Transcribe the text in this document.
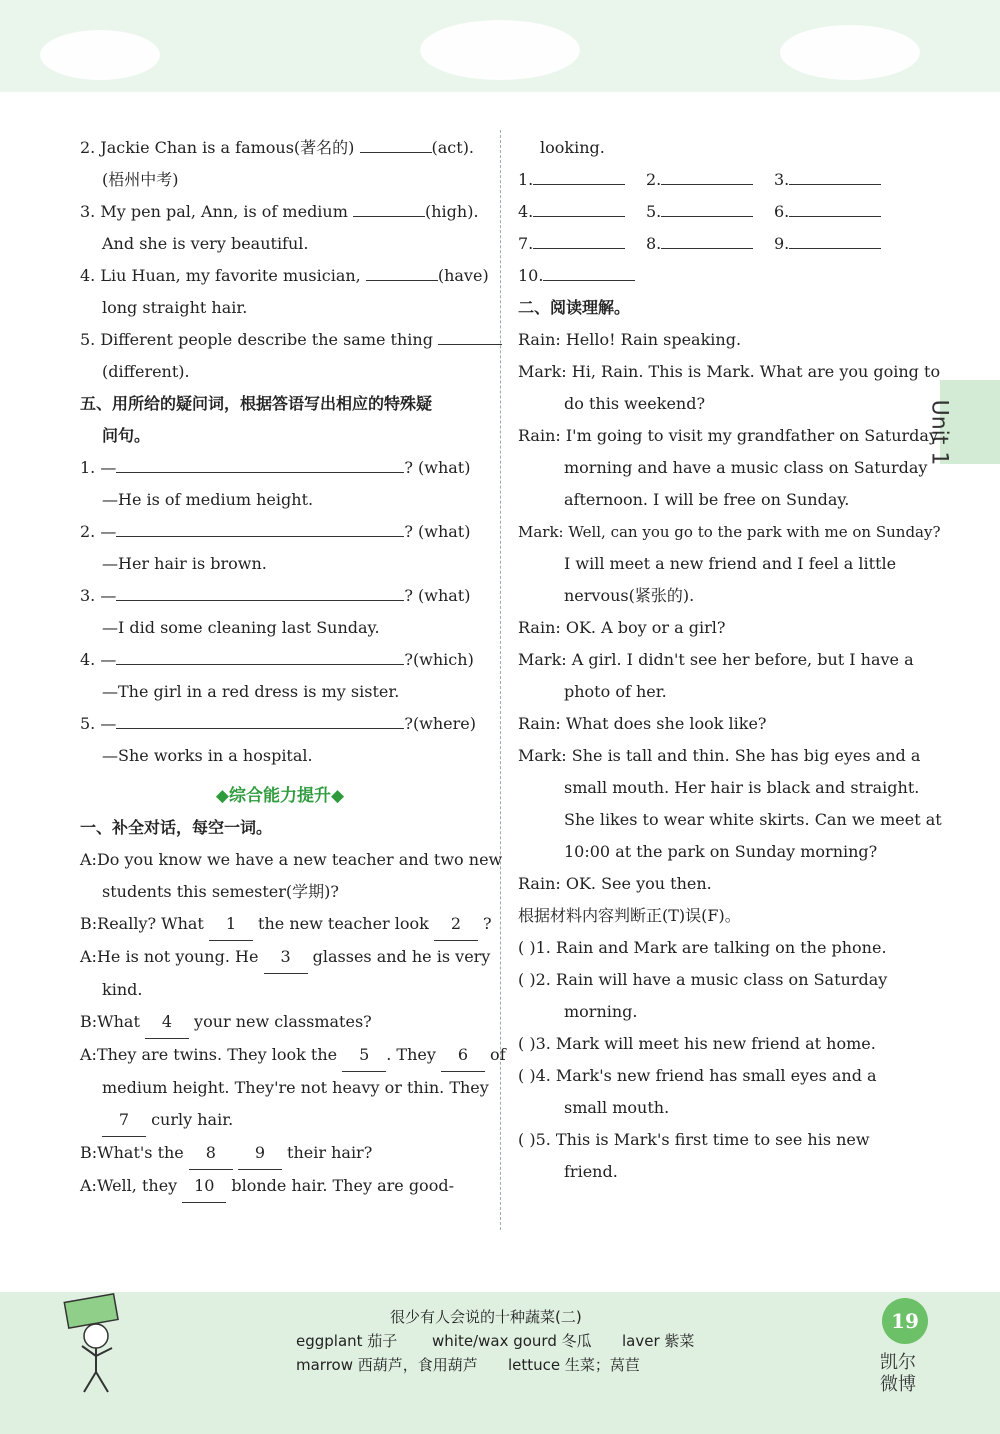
Unit 1
2. Jackie Chan is a famous(著名的)	(act).
(梧州中考)
3. My pen pal, Ann, is of medium	(high).
And she is very beautiful.
4. Liu Huan, my favorite musician,	(have)
long straight hair.
5. Different people describe the same thing
(different).
五、用所给的疑问词，根据答语写出相应的特殊疑
问句。
1. —	? (what)
—He is of medium height.
2. —	? (what)
—Her hair is brown.
3. —	? (what)
—I did some cleaning last Sunday.
4. —	?(which)
—The girl in a red dress is my sister.
5. —	?(where)
—She works in a hospital.
◆综合能力提升◆
一、补全对话，每空一词。
A:Do you know we have a new teacher and two new
students this semester(学期)?
B:Really? What 1 the new teacher look 2 ?
A:He is not young. He 3 glasses and he is very
kind.
B:What 4 your new classmates?
A:They are twins. They look the 5 . They 6 of
medium height. They're not heavy or thin. They
7 curly hair.
B:What's the 8 9 their hair?
A:Well, they 10 blonde hair. They are good-
looking.
1.	2.	3.
4.	5.	6.
7.	8.	9.
10.
二、阅读理解。
Rain: Hello! Rain speaking.
Mark: Hi, Rain. This is Mark. What are you going to
do this weekend?
Rain: I'm going to visit my grandfather on Saturday
morning and have a music class on Saturday
afternoon. I will be free on Sunday.
Mark: Well, can you go to the park with me on Sunday?
I will meet a new friend and I feel a little
nervous(紧张的).
Rain: OK. A boy or a girl?
Mark: A girl. I didn't see her before, but I have a
photo of her.
Rain: What does she look like?
Mark: She is tall and thin. She has big eyes and a
small mouth. Her hair is black and straight.
She likes to wear white skirts. Can we meet at
10:00 at the park on Sunday morning?
Rain: OK. See you then.
根据材料内容判断正(T)误(F)。
( )1. Rain and Mark are talking on the phone.
( )2. Rain will have a music class on Saturday
morning.
( )3. Mark will meet his new friend at home.
( )4. Mark's new friend has small eyes and a
small mouth.
( )5. This is Mark's first time to see his new
friend.
很少有人会说的十种蔬菜(二)
eggplant 茄子 white/wax gourd 冬瓜 laver 紫菜
marrow 西葫芦，食用葫芦 lettuce 生菜；莴苣
19
凯尔
微博
